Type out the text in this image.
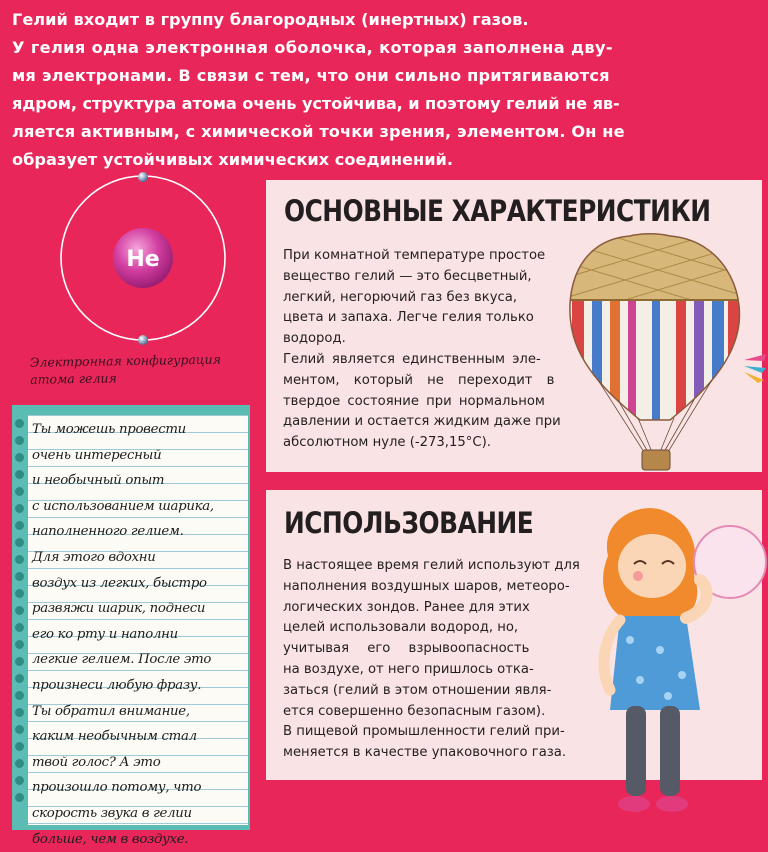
Гелий входит в группу благородных (инертных) газов.

У гелия одна электронная оболочка, которая заполнена дву-

мя электронами. В связи с тем, что они сильно притягиваются

ядром, структура атома очень устойчива, и поэтому гелий не яв-

ляется активным, с химической точки зрения, элементом. Он не

образует устойчивых химических соединений.

He
Электронная конфигурация
атома гелия
ОСНОВНЫЕ ХАРАКТЕРИСТИКИ

При комнатной температуре простое

вещество гелий — это бесцветный,

легкий, негорючий газ без вкуса,

цвета и запаха. Легче гелия только

водород.

Гелий является единственным эле-

ментом, который не переходит в

твердое состояние при нормальном

давлении и остается жидким даже при

абсолютном нуле (-273,15°С).

ИСПОЛЬЗОВАНИЕ

В настоящее время гелий используют для

наполнения воздушных шаров, метеоро-

логических зондов. Ранее для этих

целей использовали водород, но,

учитывая его взрывоопасность

на воздухе, от него пришлось отка-

заться (гелий в этом отношении явля-

ется совершенно безопасным газом).

В пищевой промышленности гелий при-

меняется в качестве упаковочного газа.

Ты можешь провести
очень интересный
и необычный опыт
с использованием шарика,
наполненного гелием.
Для этого вдохни
воздух из легких, быстро
развяжи шарик, поднеси
его ко рту и наполни
легкие гелием. После это
произнеси любую фразу.
Ты обратил внимание,
каким необычным стал
твой голос? А это
произошло потому, что
скорость звука в гелии
больше, чем в воздухе.
